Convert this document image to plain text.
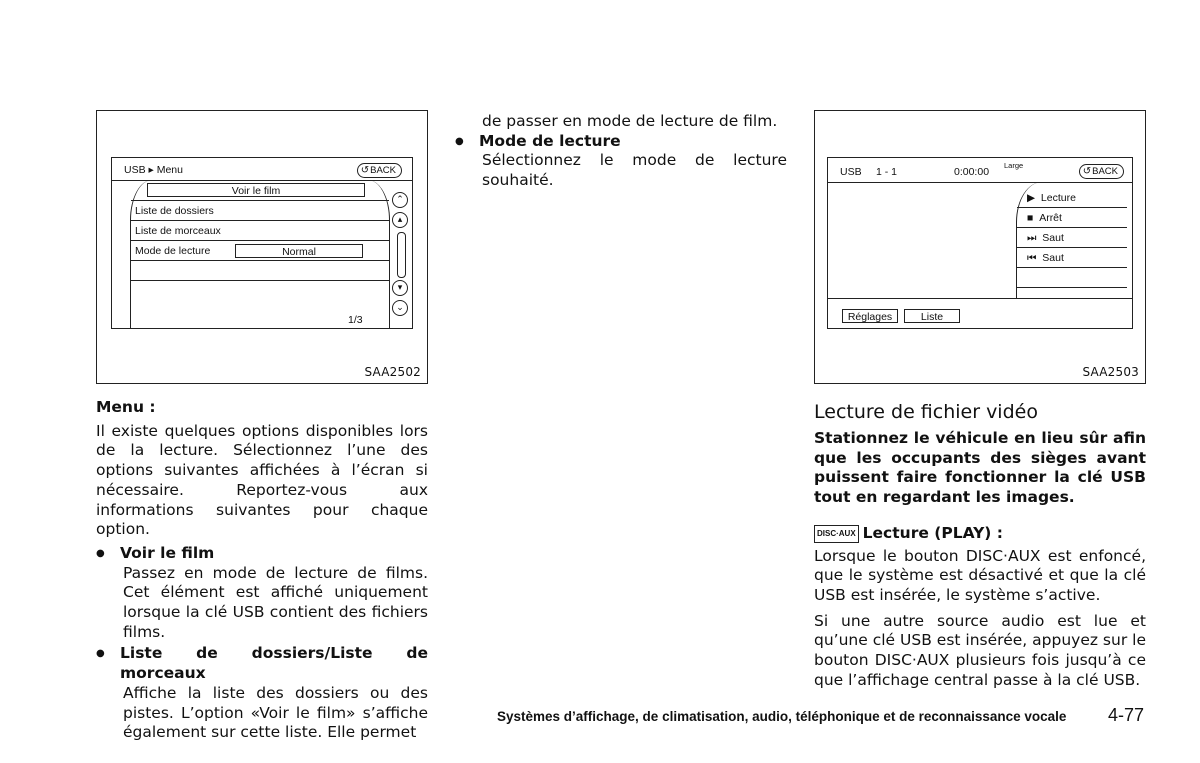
USB ▸ Menu	↺BACK
Voir le film
Liste de dossiers
Liste de morceaux
Mode de lecture	Normal
⌃
▴
▾
⌄
1/3
SAA2502
USB 1 - 1	0:00:00
Large
↺BACK
▶ Lecture
■ Arrêt
⏭ Saut
⏮ Saut
Réglages	Liste
SAA2503

Menu :

Il existe quelques options disponibles lors de la lecture. Sélectionnez l’une des options suivantes affichées à l’écran si nécessaire. Reportez-vous aux informations suivantes pour chaque option.

● Voir le film

Passez en mode de lecture de films. Cet élément est affiché uniquement lorsque la clé USB contient des fichiers films.

● Liste de dossiers/Liste de morceaux

Affiche la liste des dossiers ou des pistes. L’option «Voir le film» s’affiche également sur cette liste. Elle permet

de passer en mode de lecture de film.

● Mode de lecture

Sélectionnez le mode de lecture souhaité.

Lecture de fichier vidéo

Stationnez le véhicule en lieu sûr afin que les occupants des sièges avant puissent faire fonctionner la clé USB tout en regardant les images.

DISC·AUX Lecture (PLAY) :

Lorsque le bouton DISC·AUX est enfoncé, que le système est désactivé et que la clé USB est insérée, le système s’active.

Si une autre source audio est lue et qu’une clé USB est insérée, appuyez sur le bouton DISC·AUX plusieurs fois jusqu’à ce que l’affichage central passe à la clé USB.

Systèmes d’affichage, de climatisation, audio, téléphonique et de reconnaissance vocale 4-77
